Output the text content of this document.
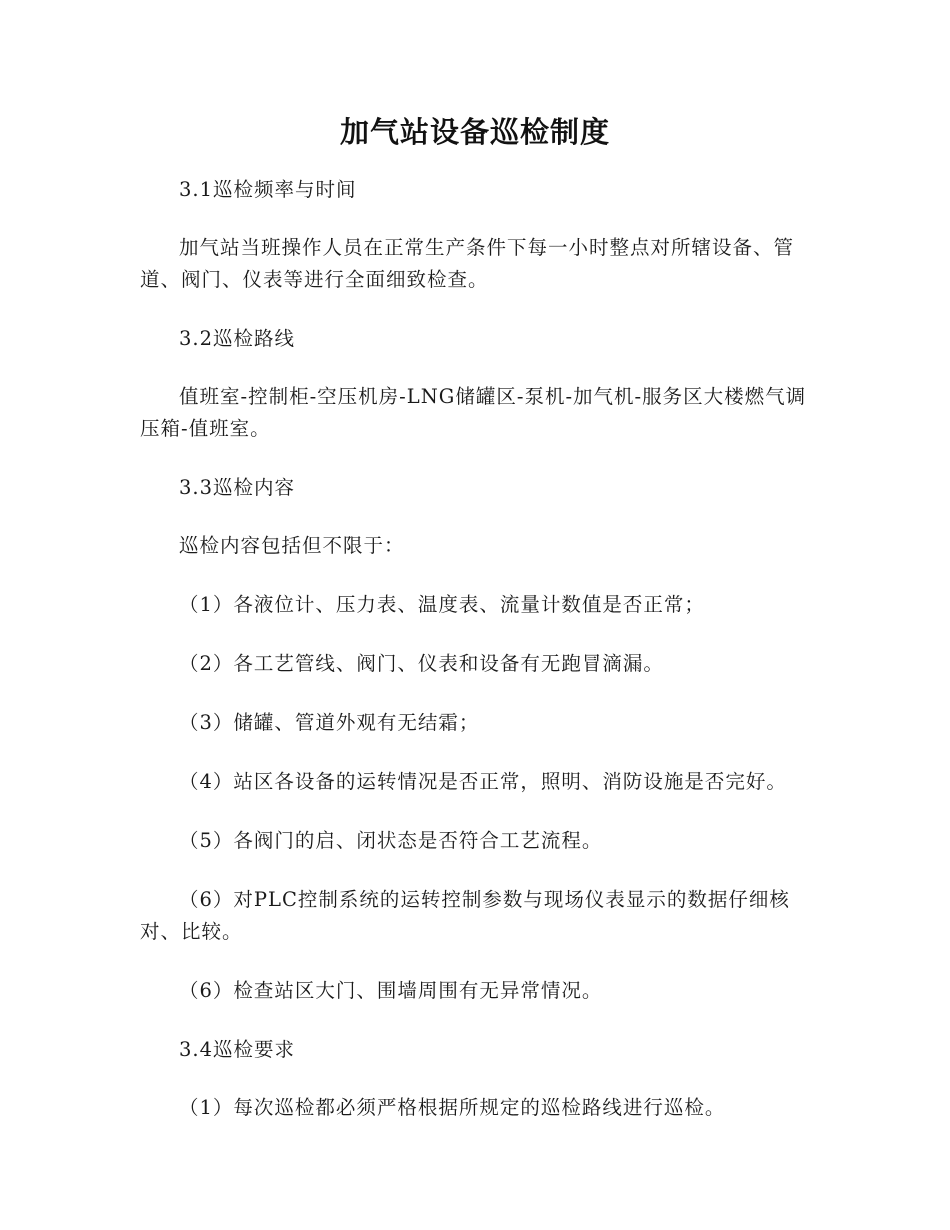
加气站设备巡检制度

3.1巡检频率与时间

加气站当班操作人员在正常生产条件下每一小时整点对所辖设备、管道、阀门、仪表等进行全面细致检查。

3.2巡检路线

值班室-控制柜-空压机房-LNG储罐区-泵机-加气机-服务区大楼燃气调压箱-值班室。

3.3巡检内容

巡检内容包括但不限于：

（1）各液位计、压力表、温度表、流量计数值是否正常；

（2）各工艺管线、阀门、仪表和设备有无跑冒滴漏。

（3）储罐、管道外观有无结霜；

（4）站区各设备的运转情况是否正常，照明、消防设施是否完好。

（5）各阀门的启、闭状态是否符合工艺流程。

（6）对PLC控制系统的运转控制参数与现场仪表显示的数据仔细核对、比较。

（6）检查站区大门、围墙周围有无异常情况。

3.4巡检要求

（1）每次巡检都必须严格根据所规定的巡检路线进行巡检。
